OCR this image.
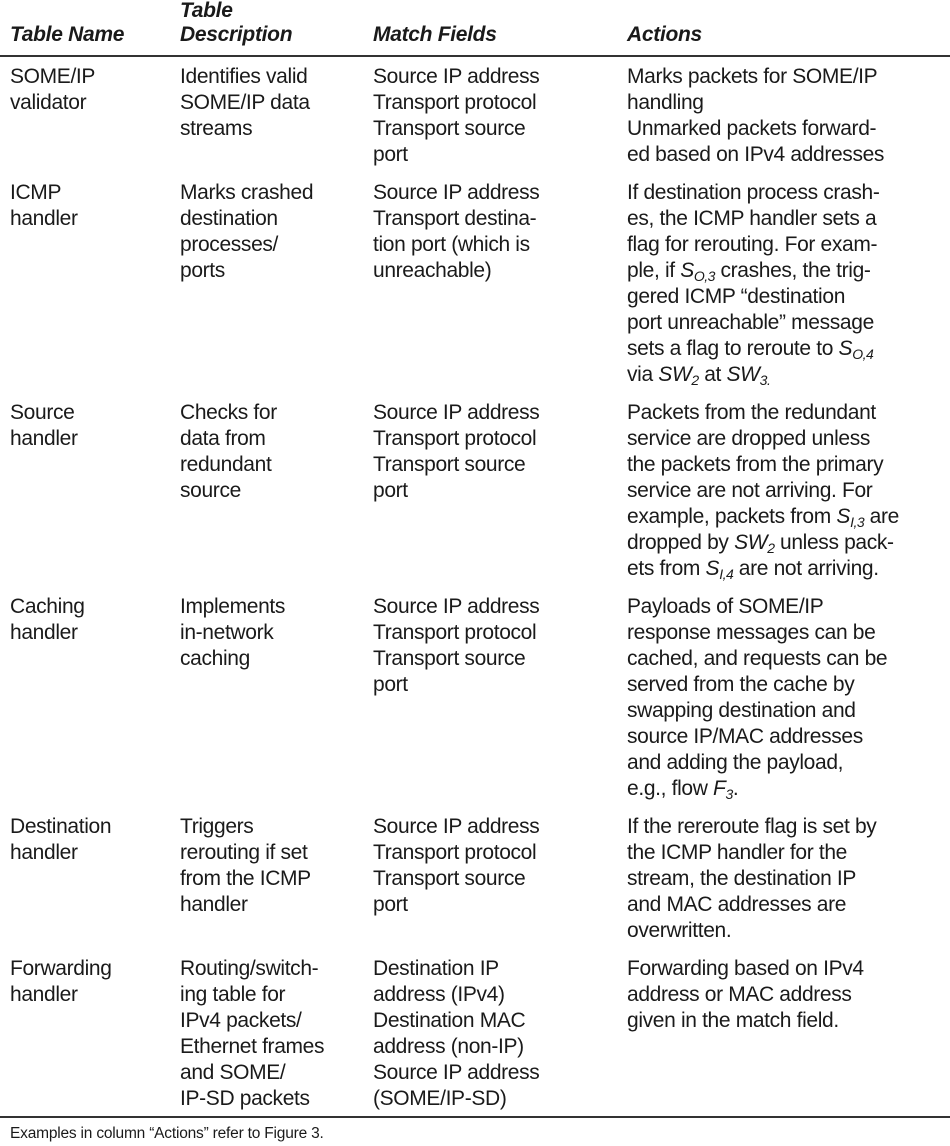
Table Name
Table
Description	Match Fields	Actions
SOME/IP
validator
Identifies valid
SOME/IP data
streams
Source IP address
Transport protocol
Transport source
port
Marks packets for SOME/IP
handling
Unmarked packets forward-
ed based on IPv4 addresses
ICMP
handler
Marks crashed
destination
processes/
ports
Source IP address
Transport destina-
tion port (which is
unreachable)
If destination process crash-
es, the ICMP handler sets a
flag for rerouting. For exam-
ple, if $S_{O,3}$ crashes, the trig-
gered ICMP “destination
port unreachable” message
sets a flag to reroute to $S_{O,4}$
via $SW_2$ at $SW_{3.}$
Source
handler
Checks for
data from
redundant
source
Source IP address
Transport protocol
Transport source
port
Packets from the redundant
service are dropped unless
the packets from the primary
service are not arriving. For
example, packets from $S_{I,3}$ are
dropped by $SW_2$ unless pack-
ets from $S_{I,4}$ are not arriving.
Caching
handler
Implements
in-network
caching
Source IP address
Transport protocol
Transport source
port
Payloads of SOME/IP
response messages can be
cached, and requests can be
served from the cache by
swapping destination and
source IP/MAC addresses
and adding the payload,
e.g., flow $F_3$.
Destination
handler
Triggers
rerouting if set
from the ICMP
handler
Source IP address
Transport protocol
Transport source
port
If the rereroute flag is set by
the ICMP handler for the
stream, the destination IP
and MAC addresses are
overwritten.
Forwarding
handler
Routing/switch-
ing table for
IPv4 packets/
Ethernet frames
and SOME/
IP-SD packets
Destination IP
address (IPv4)
Destination MAC
address (non-IP)
Source IP address
(SOME/IP-SD)
Forwarding based on IPv4
address or MAC address
given in the match field.
Examples in column “Actions” refer to Figure 3.
